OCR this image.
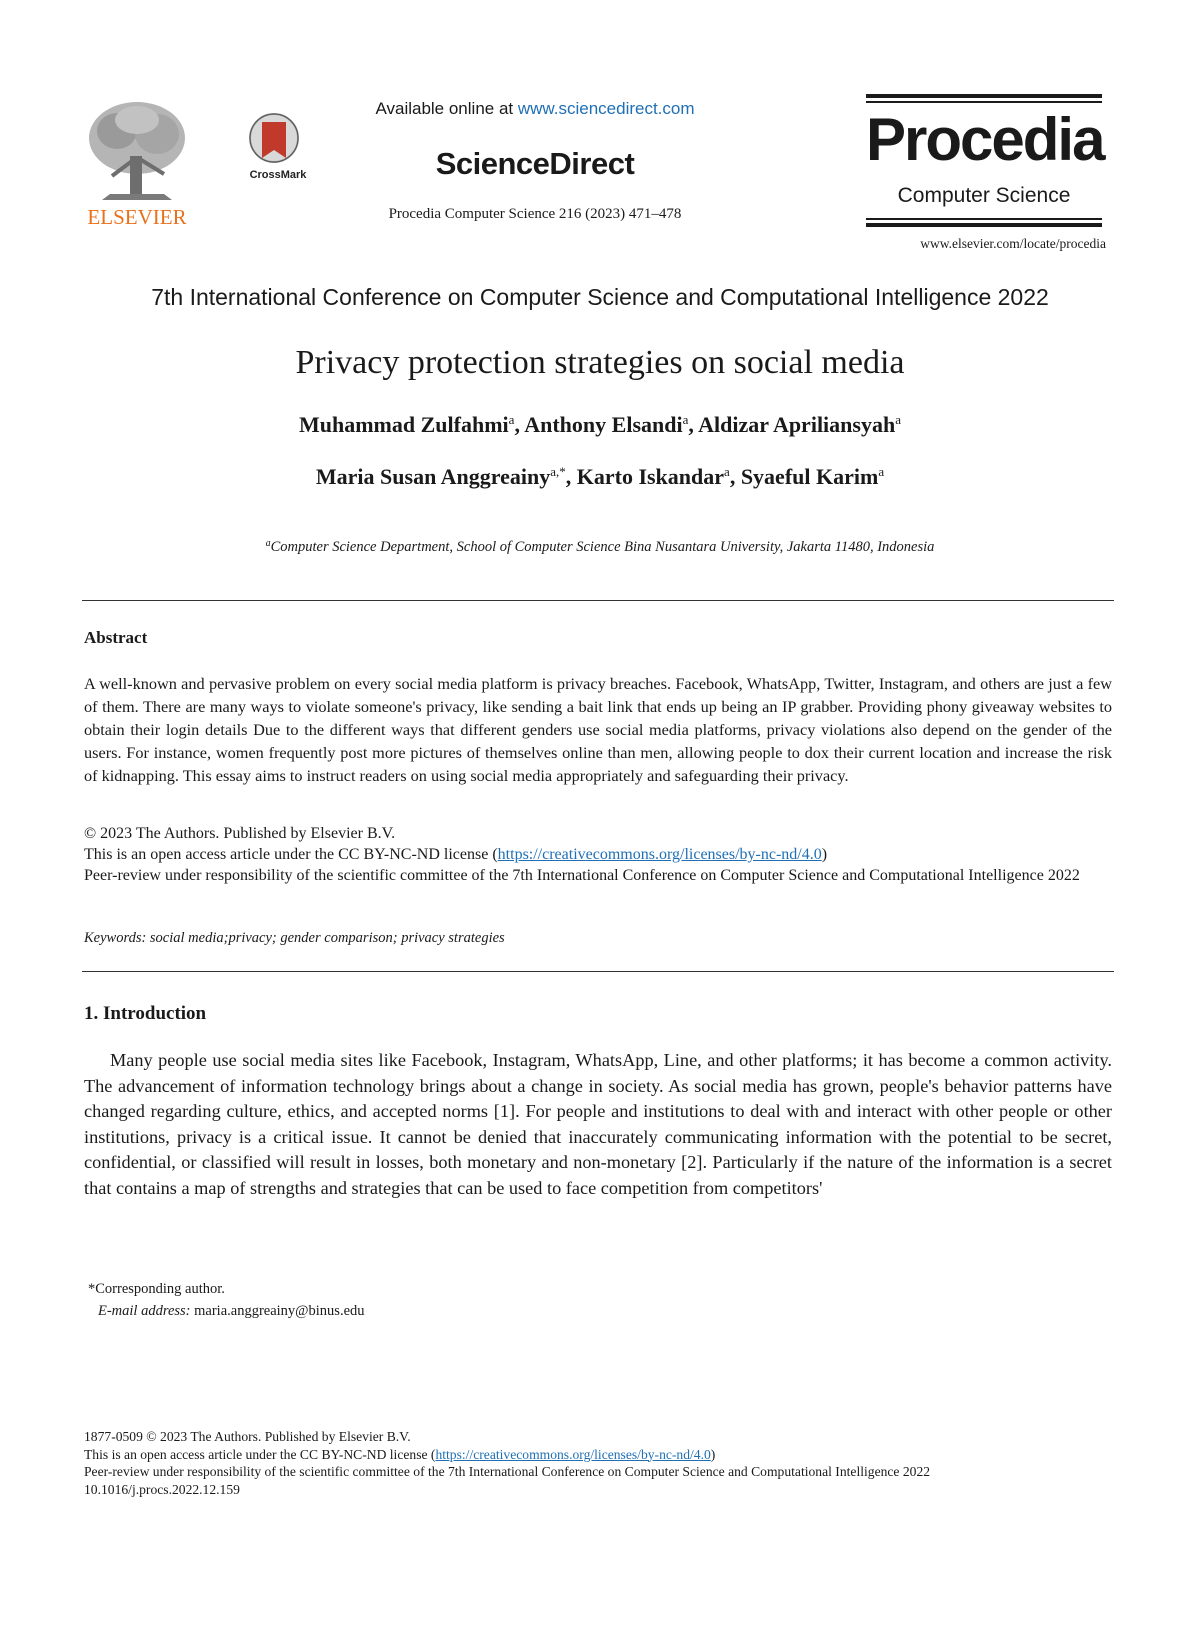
ELSEVIER
CrossMark
Available online at www.sciencedirect.com
ScienceDirect
Procedia Computer Science 216 (2023) 471–478
Procedia
Computer Science
www.elsevier.com/locate/procedia
7th International Conference on Computer Science and Computational Intelligence 2022
Privacy protection strategies on social media
Muhammad Zulfahmi$^a$, Anthony Elsandi$^a$, Aldizar Apriliansyah$^a$
Maria Susan Anggreainy$^{a,*}$, Karto Iskandar$^a$, Syaeful Karim$^a$
$^a$Computer Science Department, School of Computer Science Bina Nusantara University, Jakarta 11480, Indonesia
Abstract
A well-known and pervasive problem on every social media platform is privacy breaches. Facebook, WhatsApp, Twitter, Instagram, and others are just a few of them. There are many ways to violate someone's privacy, like sending a bait link that ends up being an IP grabber. Providing phony giveaway websites to obtain their login details Due to the different ways that different genders use social media platforms, privacy violations also depend on the gender of the users. For instance, women frequently post more pictures of themselves online than men, allowing people to dox their current location and increase the risk of kidnapping. This essay aims to instruct readers on using social media appropriately and safeguarding their privacy.
© 2023 The Authors. Published by Elsevier B.V.
This is an open access article under the CC BY-NC-ND license (https://creativecommons.org/licenses/by-nc-nd/4.0)
Peer-review under responsibility of the scientific committee of the 7th International Conference on Computer Science and Computational Intelligence 2022
Keywords: social media;privacy; gender comparison; privacy strategies
1. Introduction
Many people use social media sites like Facebook, Instagram, WhatsApp, Line, and other platforms; it has become a common activity. The advancement of information technology brings about a change in society. As social media has grown, people's behavior patterns have changed regarding culture, ethics, and accepted norms [1]. For people and institutions to deal with and interact with other people or other institutions, privacy is a critical issue. It cannot be denied that inaccurately communicating information with the potential to be secret, confidential, or classified will result in losses, both monetary and non-monetary [2]. Particularly if the nature of the information is a secret that contains a map of strengths and strategies that can be used to face competition from competitors'
*Corresponding author.
E-mail address: maria.anggreainy@binus.edu
1877-0509 © 2023 The Authors. Published by Elsevier B.V.
This is an open access article under the CC BY-NC-ND license (https://creativecommons.org/licenses/by-nc-nd/4.0)
Peer-review under responsibility of the scientific committee of the 7th International Conference on Computer Science and Computational Intelligence 2022
10.1016/j.procs.2022.12.159
